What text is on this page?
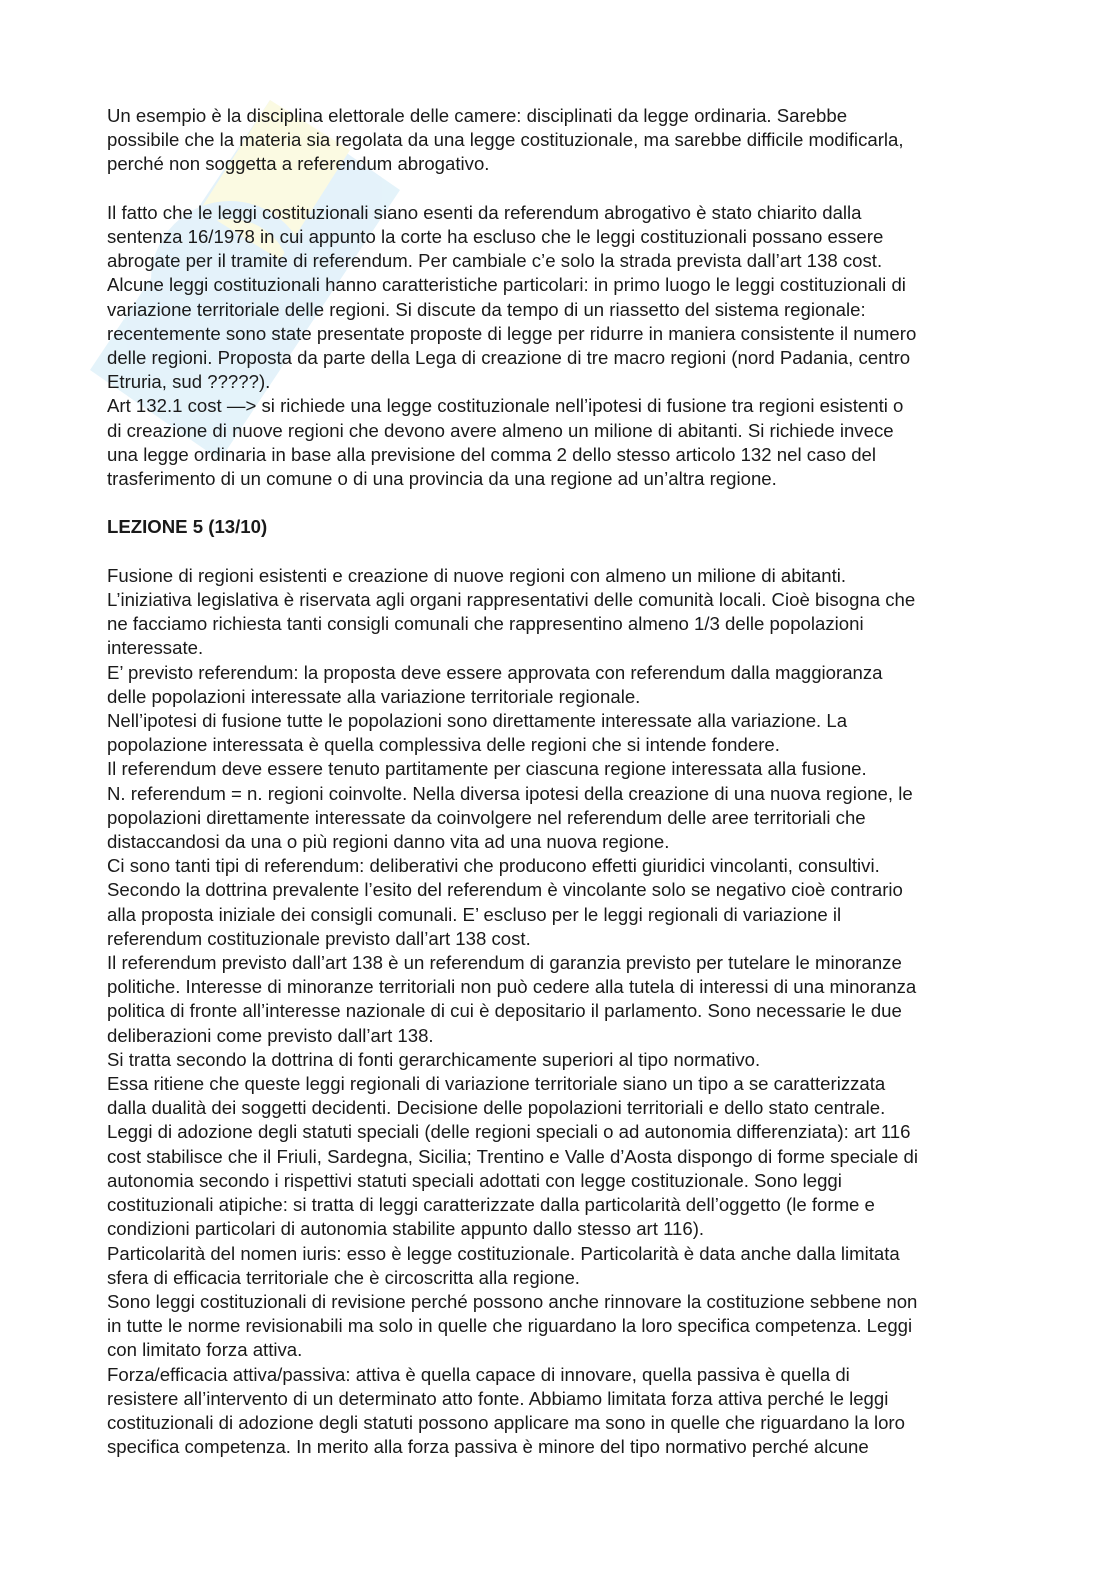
Un esempio è la disciplina elettorale delle camere: disciplinati da legge ordinaria. Sarebbe
possibile che la materia sia regolata da una legge costituzionale, ma sarebbe difficile modificarla,
perché non soggetta a referendum abrogativo.

Il fatto che le leggi costituzionali siano esenti da referendum abrogativo è stato chiarito dalla
sentenza 16/1978 in cui appunto la corte ha escluso che le leggi costituzionali possano essere
abrogate per il tramite di referendum. Per cambiale c’e solo la strada prevista dall’art 138 cost.
Alcune leggi costituzionali hanno caratteristiche particolari: in primo luogo le leggi costituzionali di
variazione territoriale delle regioni. Si discute da tempo di un riassetto del sistema regionale:
recentemente sono state presentate proposte di legge per ridurre in maniera consistente il numero
delle regioni. Proposta da parte della Lega di creazione di tre macro regioni (nord Padania, centro
Etruria, sud ?????).
Art 132.1 cost —> si richiede una legge costituzionale nell’ipotesi di fusione tra regioni esistenti o
di creazione di nuove regioni che devono avere almeno un milione di abitanti. Si richiede invece
una legge ordinaria in base alla previsione del comma 2 dello stesso articolo 132 nel caso del
trasferimento di un comune o di una provincia da una regione ad un’altra regione.

LEZIONE 5 (13/10)

Fusione di regioni esistenti e creazione di nuove regioni con almeno un milione di abitanti.
L’iniziativa legislativa è riservata agli organi rappresentativi delle comunità locali. Cioè bisogna che
ne facciamo richiesta tanti consigli comunali che rappresentino almeno 1/3 delle popolazioni
interessate.
E’ previsto referendum: la proposta deve essere approvata con referendum dalla maggioranza
delle popolazioni interessate alla variazione territoriale regionale.
Nell’ipotesi di fusione tutte le popolazioni sono direttamente interessate alla variazione. La
popolazione interessata è quella complessiva delle regioni che si intende fondere.
Il referendum deve essere tenuto partitamente per ciascuna regione interessata alla fusione.
N. referendum = n. regioni coinvolte. Nella diversa ipotesi della creazione di una nuova regione, le
popolazioni direttamente interessate da coinvolgere nel referendum delle aree territoriali che
distaccandosi da una o più regioni danno vita ad una nuova regione.
Ci sono tanti tipi di referendum: deliberativi che producono effetti giuridici vincolanti, consultivi.
Secondo la dottrina prevalente l’esito del referendum è vincolante solo se negativo cioè contrario
alla proposta iniziale dei consigli comunali. E’ escluso per le leggi regionali di variazione il
referendum costituzionale previsto dall’art 138 cost.
Il referendum previsto dall’art 138 è un referendum di garanzia previsto per tutelare le minoranze
politiche. Interesse di minoranze territoriali non può cedere alla tutela di interessi di una minoranza
politica di fronte all’interesse nazionale di cui è depositario il parlamento. Sono necessarie le due
deliberazioni come previsto dall’art 138.
Si tratta secondo la dottrina di fonti gerarchicamente superiori al tipo normativo.
Essa ritiene che queste leggi regionali di variazione territoriale siano un tipo a se caratterizzata
dalla dualità dei soggetti decidenti. Decisione delle popolazioni territoriali e dello stato centrale.
Leggi di adozione degli statuti speciali (delle regioni speciali o ad autonomia differenziata): art 116
cost stabilisce che il Friuli, Sardegna, Sicilia; Trentino e Valle d’Aosta dispongo di forme speciale di
autonomia secondo i rispettivi statuti speciali adottati con legge costituzionale. Sono leggi
costituzionali atipiche: si tratta di leggi caratterizzate dalla particolarità dell’oggetto (le forme e
condizioni particolari di autonomia stabilite appunto dallo stesso art 116).
Particolarità del nomen iuris: esso è legge costituzionale. Particolarità è data anche dalla limitata
sfera di efficacia territoriale che è circoscritta alla regione.
Sono leggi costituzionali di revisione perché possono anche rinnovare la costituzione sebbene non
in tutte le norme revisionabili ma solo in quelle che riguardano la loro specifica competenza. Leggi
con limitato forza attiva.
Forza/efficacia attiva/passiva: attiva è quella capace di innovare, quella passiva è quella di
resistere all’intervento di un determinato atto fonte. Abbiamo limitata forza attiva perché le leggi
costituzionali di adozione degli statuti possono applicare ma sono in quelle che riguardano la loro
specifica competenza. In merito alla forza passiva è minore del tipo normativo perché alcune
